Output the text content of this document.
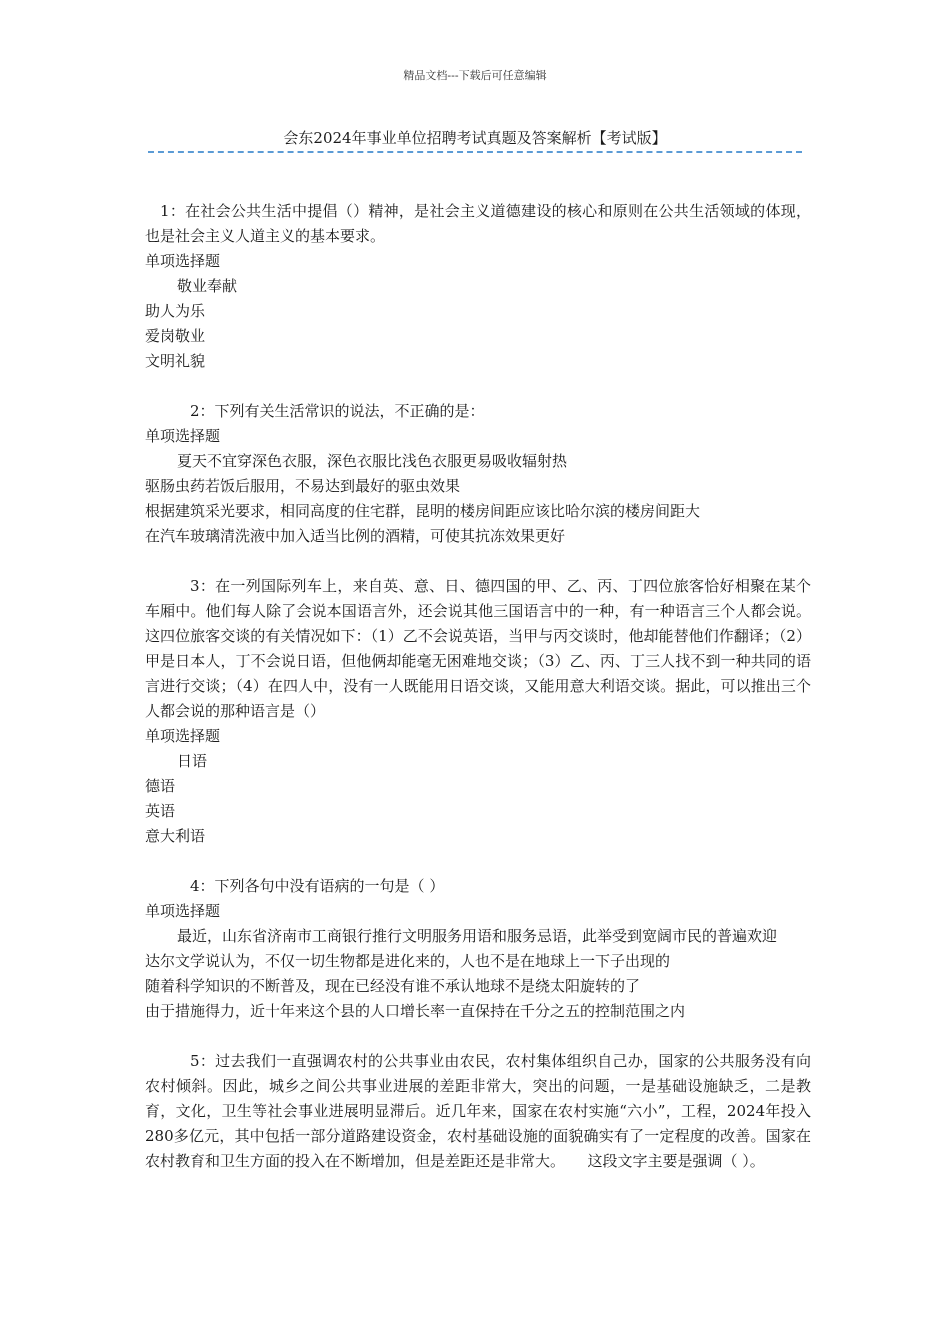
精品文档---下载后可任意编辑
会东2024年事业单位招聘考试真题及答案解析【考试版】

1：在社会公共生活中提倡（）精神，是社会主义道德建设的核心和原则在公共生活领域的体现，也是社会主义人道主义的基本要求。

单项选择题

敬业奉献

助人为乐

爱岗敬业

文明礼貌

2：下列有关生活常识的说法，不正确的是：

单项选择题

夏天不宜穿深色衣服，深色衣服比浅色衣服更易吸收辐射热

驱肠虫药若饭后服用，不易达到最好的驱虫效果

根据建筑采光要求，相同高度的住宅群，昆明的楼房间距应该比哈尔滨的楼房间距大

在汽车玻璃清洗液中加入适当比例的酒精，可使其抗冻效果更好

3：在一列国际列车上，来自英、意、日、德四国的甲、乙、丙、丁四位旅客恰好相聚在某个车厢中。他们每人除了会说本国语言外，还会说其他三国语言中的一种，有一种语言三个人都会说。这四位旅客交谈的有关情况如下：（1）乙不会说英语，当甲与丙交谈时，他却能替他们作翻译；（2）甲是日本人，丁不会说日语，但他俩却能毫无困难地交谈；（3）乙、丙、丁三人找不到一种共同的语言进行交谈；（4）在四人中，没有一人既能用日语交谈，又能用意大利语交谈。据此，可以推出三个人都会说的那种语言是（）

单项选择题

日语

德语

英语

意大利语

4：下列各句中没有语病的一句是（ ）

单项选择题

最近，山东省济南市工商银行推行文明服务用语和服务忌语，此举受到宽阔市民的普遍欢迎

达尔文学说认为，不仅一切生物都是进化来的，人也不是在地球上一下子出现的

随着科学知识的不断普及，现在已经没有谁不承认地球不是绕太阳旋转的了

由于措施得力，近十年来这个县的人口增长率一直保持在千分之五的控制范围之内

5：过去我们一直强调农村的公共事业由农民，农村集体组织自己办，国家的公共服务没有向农村倾斜。因此，城乡之间公共事业进展的差距非常大，突出的问题，一是基础设施缺乏，二是教育，文化，卫生等社会事业进展明显滞后。近几年来，国家在农村实施“六小”，工程，2024年投入280多亿元，其中包括一部分道路建设资金，农村基础设施的面貌确实有了一定程度的改善。国家在农村教育和卫生方面的投入在不断增加，但是差距还是非常大。　　这段文字主要是强调（ ）。
